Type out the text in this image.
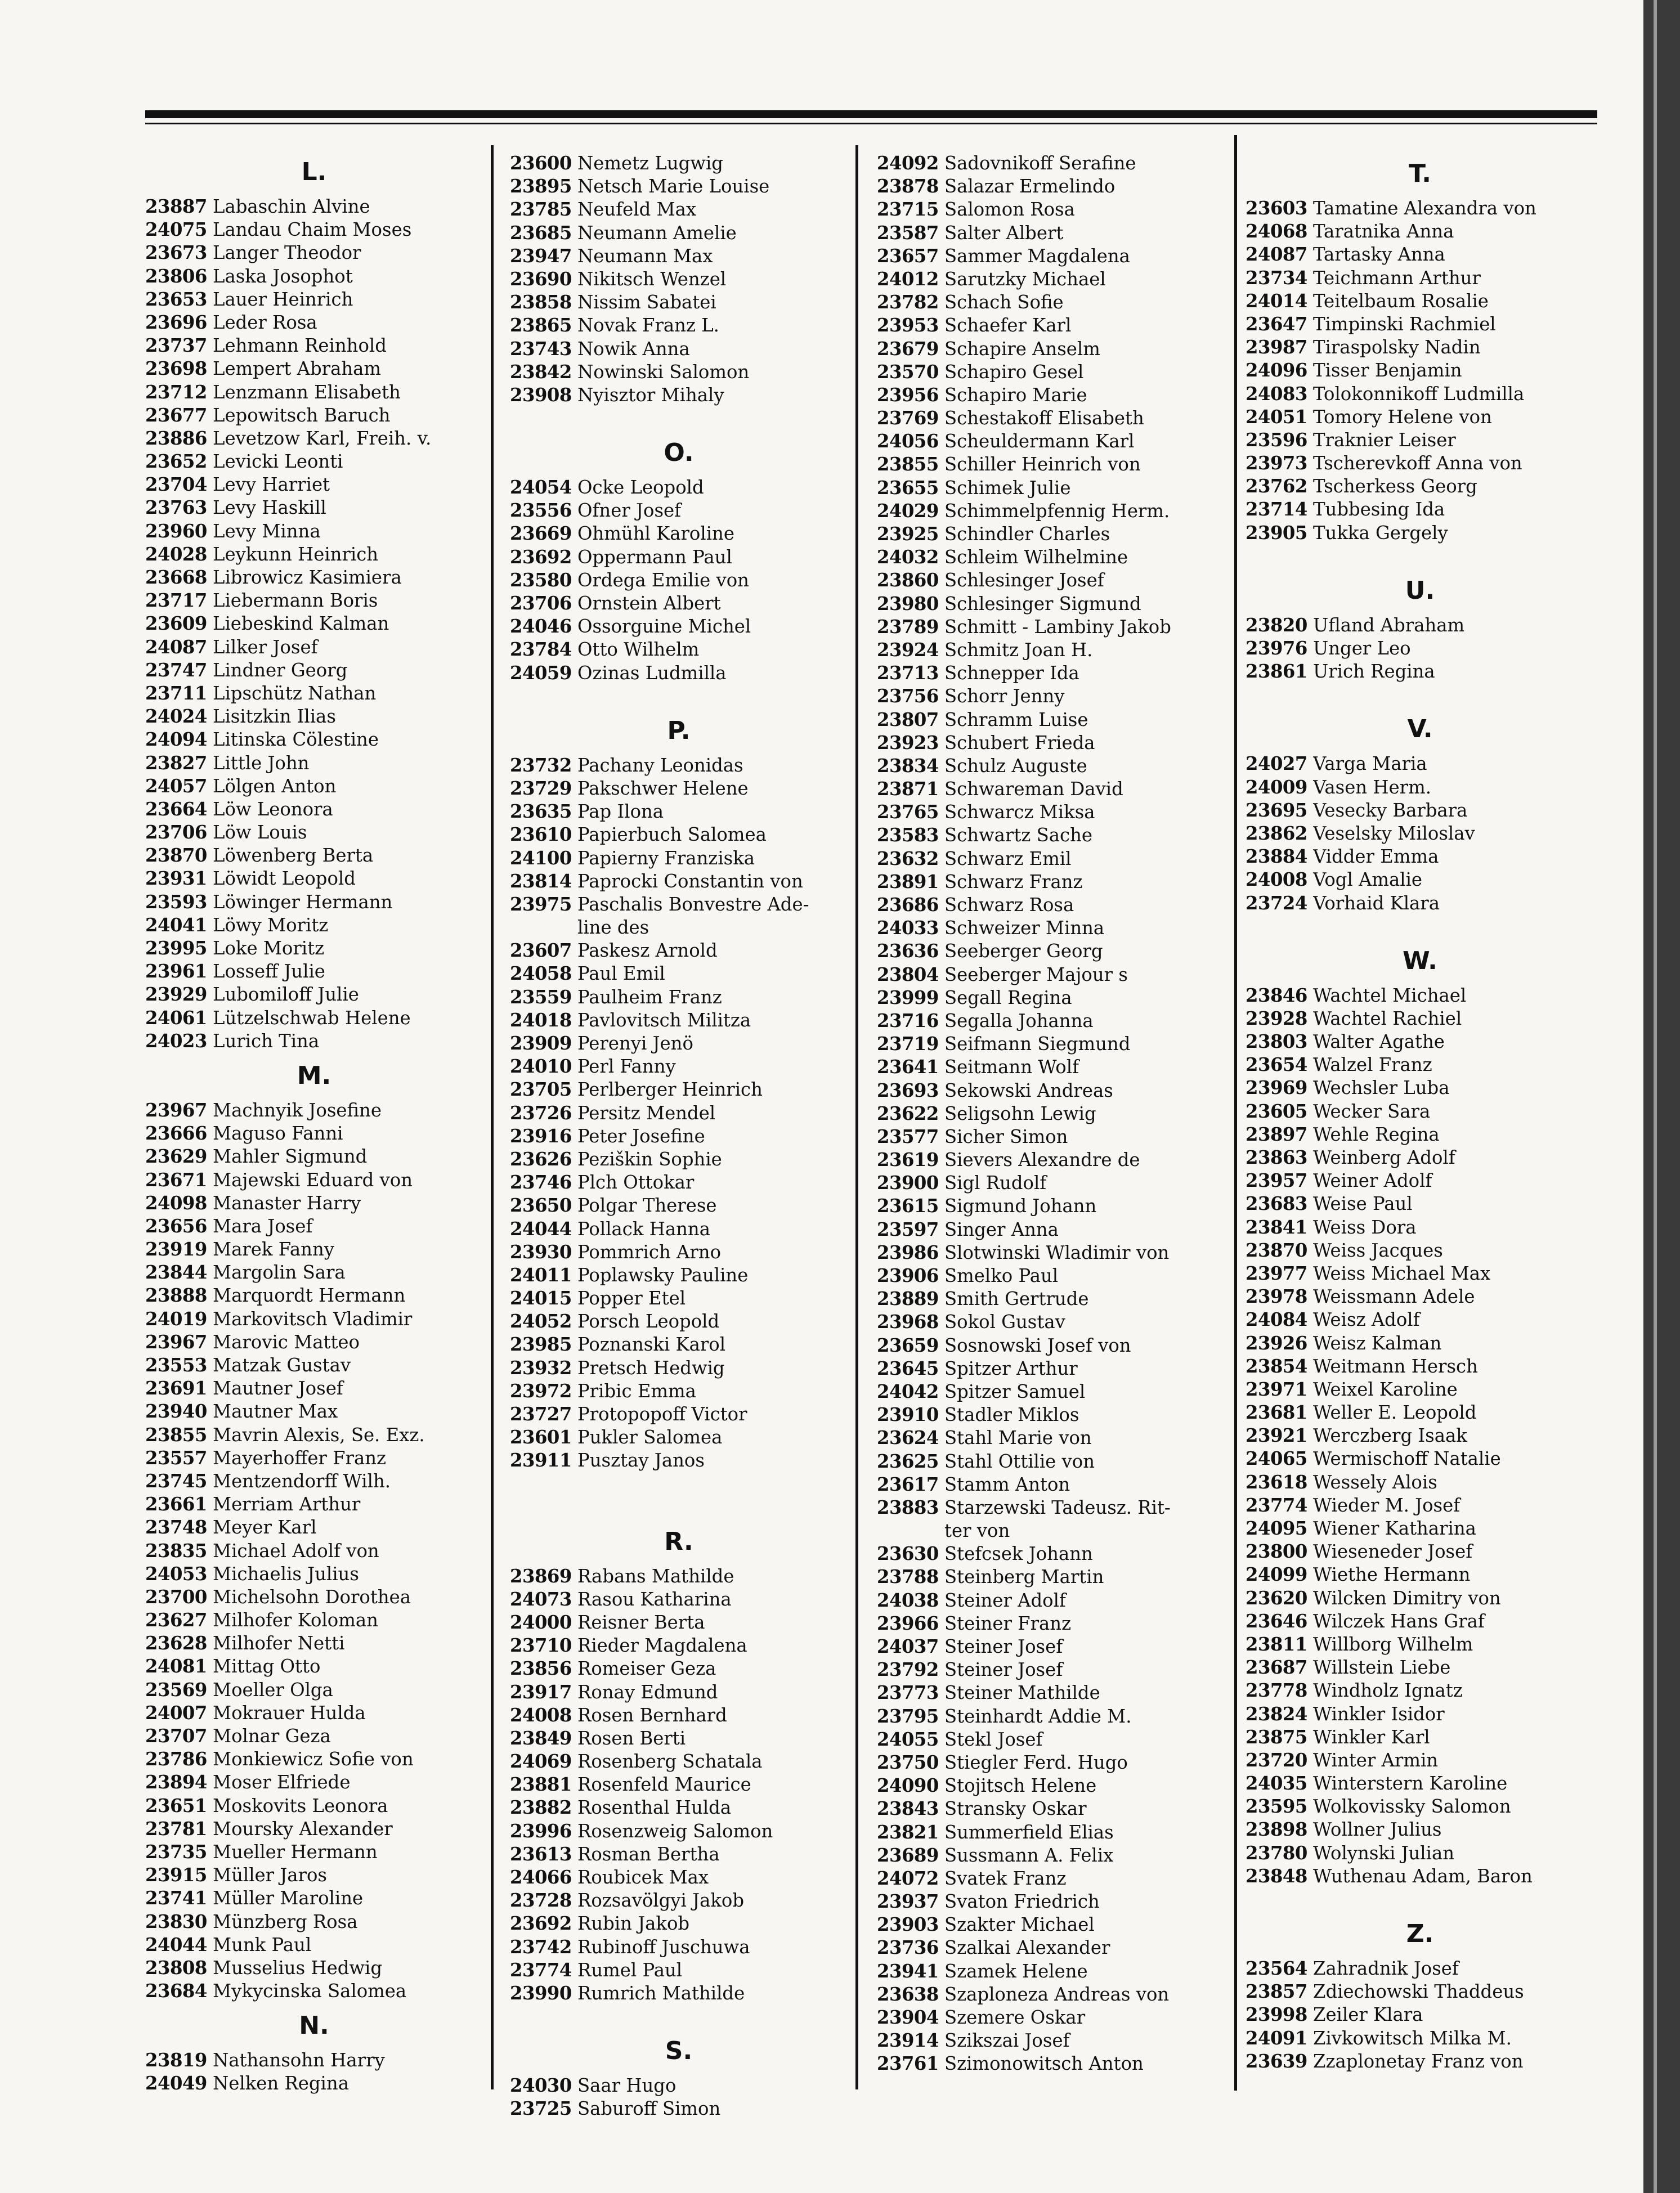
L.
23887 Labaschin Alvine
24075 Landau Chaim Moses
23673 Langer Theodor
23806 Laska Josophot
23653 Lauer Heinrich
23696 Leder Rosa
23737 Lehmann Reinhold
23698 Lempert Abraham
23712 Lenzmann Elisabeth
23677 Lepowitsch Baruch
23886 Levetzow Karl, Freih. v.
23652 Levicki Leonti
23704 Levy Harriet
23763 Levy Haskill
23960 Levy Minna
24028 Leykunn Heinrich
23668 Librowicz Kasimiera
23717 Liebermann Boris
23609 Liebeskind Kalman
24087 Lilker Josef
23747 Lindner Georg
23711 Lipschütz Nathan
24024 Lisitzkin Ilias
24094 Litinska Cölestine
23827 Little John
24057 Lölgen Anton
23664 Löw Leonora
23706 Löw Louis
23870 Löwenberg Berta
23931 Löwidt Leopold
23593 Löwinger Hermann
24041 Löwy Moritz
23995 Loke Moritz
23961 Losseff Julie
23929 Lubomiloff Julie
24061 Lützelschwab Helene
24023 Lurich Tina
M.
23967 Machnyik Josefine
23666 Maguso Fanni
23629 Mahler Sigmund
23671 Majewski Eduard von
24098 Manaster Harry
23656 Mara Josef
23919 Marek Fanny
23844 Margolin Sara
23888 Marquordt Hermann
24019 Markovitsch Vladimir
23967 Marovic Matteo
23553 Matzak Gustav
23691 Mautner Josef
23940 Mautner Max
23855 Mavrin Alexis, Se. Exz.
23557 Mayerhoffer Franz
23745 Mentzendorff Wilh.
23661 Merriam Arthur
23748 Meyer Karl
23835 Michael Adolf von
24053 Michaelis Julius
23700 Michelsohn Dorothea
23627 Milhofer Koloman
23628 Milhofer Netti
24081 Mittag Otto
23569 Moeller Olga
24007 Mokrauer Hulda
23707 Molnar Geza
23786 Monkiewicz Sofie von
23894 Moser Elfriede
23651 Moskovits Leonora
23781 Moursky Alexander
23735 Mueller Hermann
23915 Müller Jaros
23741 Müller Maroline
23830 Münzberg Rosa
24044 Munk Paul
23808 Musselius Hedwig
23684 Mykycinska Salomea
N.
23819 Nathansohn Harry
24049 Nelken Regina
23600 Nemetz Lugwig
23895 Netsch Marie Louise
23785 Neufeld Max
23685 Neumann Amelie
23947 Neumann Max
23690 Nikitsch Wenzel
23858 Nissim Sabatei
23865 Novak Franz L.
23743 Nowik Anna
23842 Nowinski Salomon
23908 Nyisztor Mihaly
O.
24054 Ocke Leopold
23556 Ofner Josef
23669 Ohmühl Karoline
23692 Oppermann Paul
23580 Ordega Emilie von
23706 Ornstein Albert
24046 Ossorguine Michel
23784 Otto Wilhelm
24059 Ozinas Ludmilla
P.
23732 Pachany Leonidas
23729 Pakschwer Helene
23635 Pap Ilona
23610 Papierbuch Salomea
24100 Papierny Franziska
23814 Paprocki Constantin von
23975 Paschalis Bonvestre Ade-
line des
23607 Paskesz Arnold
24058 Paul Emil
23559 Paulheim Franz
24018 Pavlovitsch Militza
23909 Perenyi Jenö
24010 Perl Fanny
23705 Perlberger Heinrich
23726 Persitz Mendel
23916 Peter Josefine
23626 Peziškin Sophie
23746 Plch Ottokar
23650 Polgar Therese
24044 Pollack Hanna
23930 Pommrich Arno
24011 Poplawsky Pauline
24015 Popper Etel
24052 Porsch Leopold
23985 Poznanski Karol
23932 Pretsch Hedwig
23972 Pribic Emma
23727 Protopopoff Victor
23601 Pukler Salomea
23911 Pusztay Janos
R.
23869 Rabans Mathilde
24073 Rasou Katharina
24000 Reisner Berta
23710 Rieder Magdalena
23856 Romeiser Geza
23917 Ronay Edmund
24008 Rosen Bernhard
23849 Rosen Berti
24069 Rosenberg Schatala
23881 Rosenfeld Maurice
23882 Rosenthal Hulda
23996 Rosenzweig Salomon
23613 Rosman Bertha
24066 Roubicek Max
23728 Rozsavölgyi Jakob
23692 Rubin Jakob
23742 Rubinoff Juschuwa
23774 Rumel Paul
23990 Rumrich Mathilde
S.
24030 Saar Hugo
23725 Saburoff Simon
24092 Sadovnikoff Serafine
23878 Salazar Ermelindo
23715 Salomon Rosa
23587 Salter Albert
23657 Sammer Magdalena
24012 Sarutzky Michael
23782 Schach Sofie
23953 Schaefer Karl
23679 Schapire Anselm
23570 Schapiro Gesel
23956 Schapiro Marie
23769 Schestakoff Elisabeth
24056 Scheuldermann Karl
23855 Schiller Heinrich von
23655 Schimek Julie
24029 Schimmelpfennig Herm.
23925 Schindler Charles
24032 Schleim Wilhelmine
23860 Schlesinger Josef
23980 Schlesinger Sigmund
23789 Schmitt - Lambiny Jakob
23924 Schmitz Joan H.
23713 Schnepper Ida
23756 Schorr Jenny
23807 Schramm Luise
23923 Schubert Frieda
23834 Schulz Auguste
23871 Schwareman David
23765 Schwarcz Miksa
23583 Schwartz Sache
23632 Schwarz Emil
23891 Schwarz Franz
23686 Schwarz Rosa
24033 Schweizer Minna
23636 Seeberger Georg
23804 Seeberger Majour s
23999 Segall Regina
23716 Segalla Johanna
23719 Seifmann Siegmund
23641 Seitmann Wolf
23693 Sekowski Andreas
23622 Seligsohn Lewig
23577 Sicher Simon
23619 Sievers Alexandre de
23900 Sigl Rudolf
23615 Sigmund Johann
23597 Singer Anna
23986 Slotwinski Wladimir von
23906 Smelko Paul
23889 Smith Gertrude
23968 Sokol Gustav
23659 Sosnowski Josef von
23645 Spitzer Arthur
24042 Spitzer Samuel
23910 Stadler Miklos
23624 Stahl Marie von
23625 Stahl Ottilie von
23617 Stamm Anton
23883 Starzewski Tadeusz. Rit-
ter von
23630 Stefcsek Johann
23788 Steinberg Martin
24038 Steiner Adolf
23966 Steiner Franz
24037 Steiner Josef
23792 Steiner Josef
23773 Steiner Mathilde
23795 Steinhardt Addie M.
24055 Stekl Josef
23750 Stiegler Ferd. Hugo
24090 Stojitsch Helene
23843 Stransky Oskar
23821 Summerfield Elias
23689 Sussmann A. Felix
24072 Svatek Franz
23937 Svaton Friedrich
23903 Szakter Michael
23736 Szalkai Alexander
23941 Szamek Helene
23638 Szaploneza Andreas von
23904 Szemere Oskar
23914 Szikszai Josef
23761 Szimonowitsch Anton
T.
23603 Tamatine Alexandra von
24068 Taratnika Anna
24087 Tartasky Anna
23734 Teichmann Arthur
24014 Teitelbaum Rosalie
23647 Timpinski Rachmiel
23987 Tiraspolsky Nadin
24096 Tisser Benjamin
24083 Tolokonnikoff Ludmilla
24051 Tomory Helene von
23596 Traknier Leiser
23973 Tscherevkoff Anna von
23762 Tscherkess Georg
23714 Tubbesing Ida
23905 Tukka Gergely
U.
23820 Ufland Abraham
23976 Unger Leo
23861 Urich Regina
V.
24027 Varga Maria
24009 Vasen Herm.
23695 Vesecky Barbara
23862 Veselsky Miloslav
23884 Vidder Emma
24008 Vogl Amalie
23724 Vorhaid Klara
W.
23846 Wachtel Michael
23928 Wachtel Rachiel
23803 Walter Agathe
23654 Walzel Franz
23969 Wechsler Luba
23605 Wecker Sara
23897 Wehle Regina
23863 Weinberg Adolf
23957 Weiner Adolf
23683 Weise Paul
23841 Weiss Dora
23870 Weiss Jacques
23977 Weiss Michael Max
23978 Weissmann Adele
24084 Weisz Adolf
23926 Weisz Kalman
23854 Weitmann Hersch
23971 Weixel Karoline
23681 Weller E. Leopold
23921 Werczberg Isaak
24065 Wermischoff Natalie
23618 Wessely Alois
23774 Wieder M. Josef
24095 Wiener Katharina
23800 Wieseneder Josef
24099 Wiethe Hermann
23620 Wilcken Dimitry von
23646 Wilczek Hans Graf
23811 Willborg Wilhelm
23687 Willstein Liebe
23778 Windholz Ignatz
23824 Winkler Isidor
23875 Winkler Karl
23720 Winter Armin
24035 Winterstern Karoline
23595 Wolkovissky Salomon
23898 Wollner Julius
23780 Wolynski Julian
23848 Wuthenau Adam, Baron
Z.
23564 Zahradnik Josef
23857 Zdiechowski Thaddeus
23998 Zeiler Klara
24091 Zivkowitsch Milka M.
23639 Zzaplonetay Franz von
